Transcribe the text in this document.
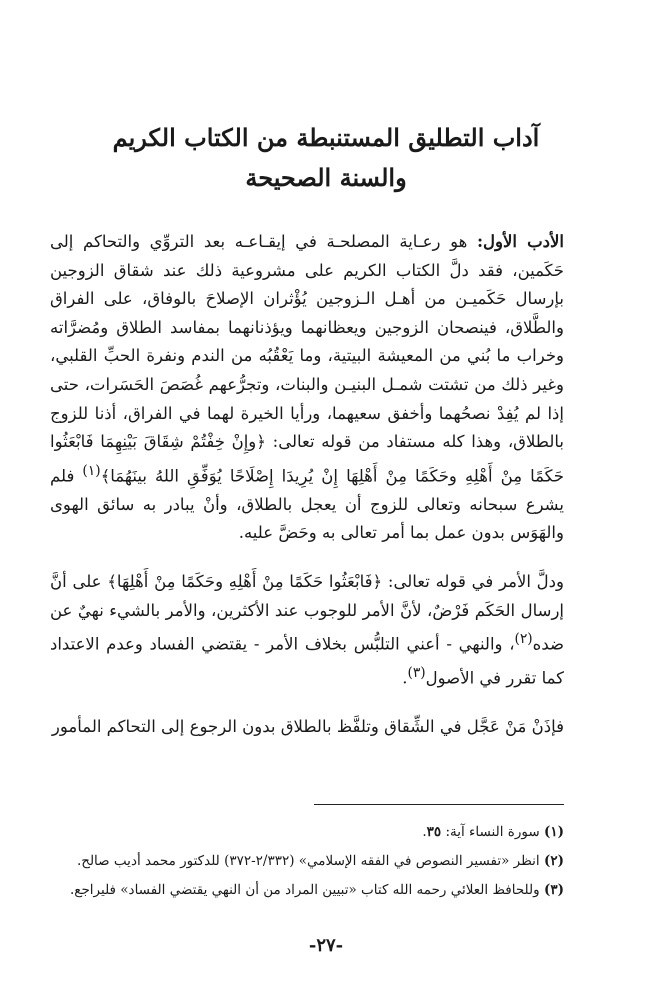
آداب التطليق المستنبطة من الكتاب الكريم
والسنة الصحيحة

الأدب الأول: هو رعـاية المصلحـة في إيقـاعـه بعد التروِّي والتحاكم إلى حَكَمين، فقد دلَّ الكتاب الكريم على مشروعية ذلك عند شقاق الزوجين بإرسال حَكَميـن من أهـل الـزوجين يُؤْثران الإصلاحَ بالوفاق، على الفراق والطَّلاق، فينصحان الزوجين ويعظانهما ويؤذنانهما بمفاسد الطلاق ومُضرَّاته وخراب ما بُني من المعيشة البيتية، وما يَعْقُبُه من الندم ونفرة الحبِّ القلبي، وغير ذلك من تشتت شمـل البنيـن والبنات، وتجرُّعهم غُصَصَ الحَسَرات، حتى إذا لم يُفِدْ نصحُهما وأخفق سعيهما، ورأيا الخيرة لهما في الفراق، أذنا للزوج بالطلاق، وهذا كله مستفاد من قوله تعالى: ﴿وإِنْ خِفْتُمْ شِقَاقَ بَيْنِهِمَا فَابْعَثُوا حَكَمًا مِنْ أَهْلِهِ وحَكَمًا مِنْ أَهْلِهَا إِنْ يُرِيدَا إِصْلَاحًا يُوَفِّقِ اللهُ بينَهُمَا﴾$^{(١)}$ فلم يشرع سبحانه وتعالى للزوج أن يعجل بالطلاق، وأنْ يبادر به سائق الهوى والهَوَس بدون عمل بما أمر تعالى به وحَضَّ عليه.

ودلَّ الأمر في قوله تعالى: ﴿فَابْعَثُوا حَكَمًا مِنْ أَهْلِهِ وحَكَمًا مِنْ أَهْلِهَا﴾ على أنَّ إرسال الحَكَم فَرْضٌ، لأنَّ الأمر للوجوب عند الأكثرين، والأمر بالشيء نهيٌ عن ضده$^{(٢)}$، والنهي - أعني التلبُّس بخلاف الأمر - يقتضي الفساد وعدم الاعتداد كما تقرر في الأصول$^{(٣)}$.

فإذَنْ مَنْ عَجَّل في الشِّقاق وتلفَّظ بالطلاق بدون الرجوع إلى التحاكم المأمور

(١) سورة النساء آية: ٣٥.

(٢) انظر «تفسير النصوص في الفقه الإسلامي» (٢/٣٣٢-٣٧٢) للدكتور محمد أديب صالح.

(٣) وللحافظ العلائي رحمه الله كتاب «تبيين المراد من أن النهي يقتضي الفساد» فليراجع.

-٢٧-
